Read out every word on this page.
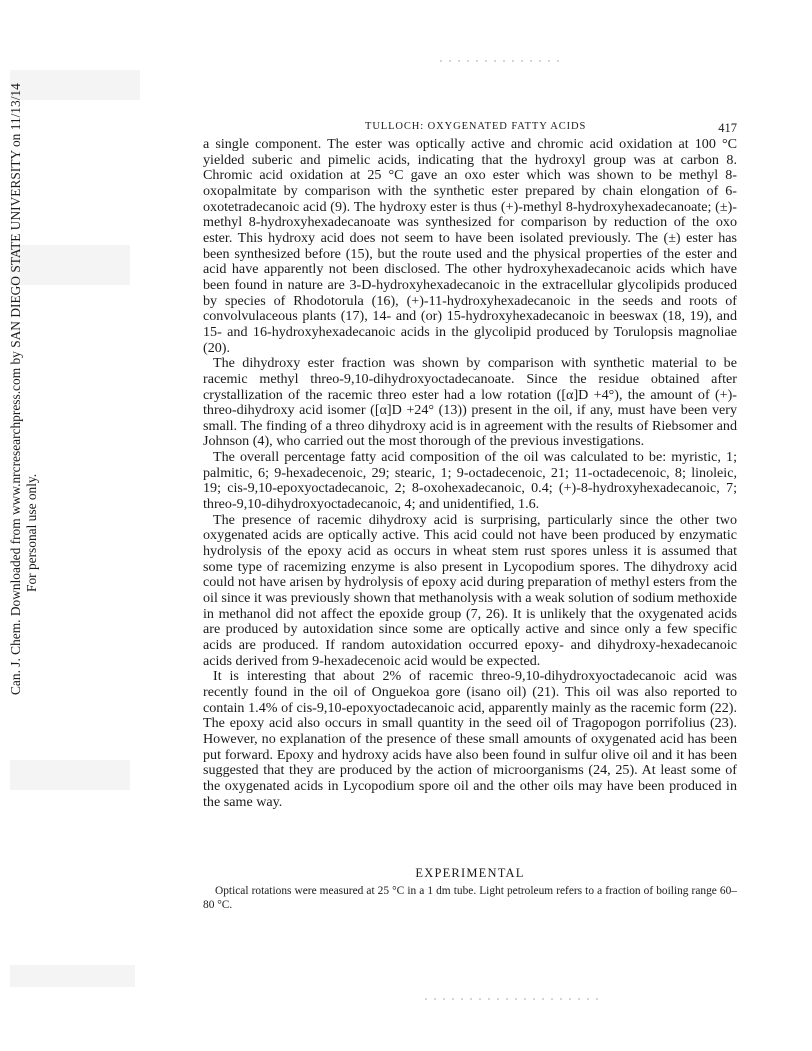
Can. J. Chem. Downloaded from www.nrcresearchpress.com by SAN DIEGO STATE UNIVERSITY on 11/13/14 For personal use only.
TULLOCH: OXYGENATED FATTY ACIDS	417

a single component. The ester was optically active and chromic acid oxidation at 100 °C yielded suberic and pimelic acids, indicating that the hydroxyl group was at carbon 8. Chromic acid oxidation at 25 °C gave an oxo ester which was shown to be methyl 8-oxopalmitate by comparison with the synthetic ester prepared by chain elongation of 6-oxotetradecanoic acid (9). The hydroxy ester is thus (+)-methyl 8-hydroxyhexadecanoate; (±)-methyl 8-hydroxyhexadecanoate was synthesized for comparison by reduction of the oxo ester. This hydroxy acid does not seem to have been isolated previously. The (±) ester has been synthesized before (15), but the route used and the physical properties of the ester and acid have apparently not been disclosed. The other hydroxyhexadecanoic acids which have been found in nature are 3-D-hydroxyhexadecanoic in the extracellular glycolipids produced by species of Rhodotorula (16), (+)-11-hydroxyhexadecanoic in the seeds and roots of convolvulaceous plants (17), 14- and (or) 15-hydroxyhexadecanoic in beeswax (18, 19), and 15- and 16-hydroxyhexadecanoic acids in the glycolipid produced by Torulopsis magnoliae (20).

The dihydroxy ester fraction was shown by comparison with synthetic material to be racemic methyl threo-9,10-dihydroxyoctadecanoate. Since the residue obtained after crystallization of the racemic threo ester had a low rotation ([α]D +4°), the amount of (+)-threo-dihydroxy acid isomer ([α]D +24° (13)) present in the oil, if any, must have been very small. The finding of a threo dihydroxy acid is in agreement with the results of Riebsomer and Johnson (4), who carried out the most thorough of the previous investigations.

The overall percentage fatty acid composition of the oil was calculated to be: myristic, 1; palmitic, 6; 9-hexadecenoic, 29; stearic, 1; 9-octadecenoic, 21; 11-octadecenoic, 8; linoleic, 19; cis-9,10-epoxyoctadecanoic, 2; 8-oxohexadecanoic, 0.4; (+)-8-hydroxyhexadecanoic, 7; threo-9,10-dihydroxyoctadecanoic, 4; and unidentified, 1.6.

The presence of racemic dihydroxy acid is surprising, particularly since the other two oxygenated acids are optically active. This acid could not have been produced by enzymatic hydrolysis of the epoxy acid as occurs in wheat stem rust spores unless it is assumed that some type of racemizing enzyme is also present in Lycopodium spores. The dihydroxy acid could not have arisen by hydrolysis of epoxy acid during preparation of methyl esters from the oil since it was previously shown that methanolysis with a weak solution of sodium methoxide in methanol did not affect the epoxide group (7, 26). It is unlikely that the oxygenated acids are produced by autoxidation since some are optically active and since only a few specific acids are produced. If random autoxidation occurred epoxy- and dihydroxy-hexadecanoic acids derived from 9-hexadecenoic acid would be expected.

It is interesting that about 2% of racemic threo-9,10-dihydroxyoctadecanoic acid was recently found in the oil of Onguekoa gore (isano oil) (21). This oil was also reported to contain 1.4% of cis-9,10-epoxyoctadecanoic acid, apparently mainly as the racemic form (22). The epoxy acid also occurs in small quantity in the seed oil of Tragopogon porrifolius (23). However, no explanation of the presence of these small amounts of oxygenated acid has been put forward. Epoxy and hydroxy acids have also been found in sulfur olive oil and it has been suggested that they are produced by the action of microorganisms (24, 25). At least some of the oxygenated acids in Lycopodium spore oil and the other oils may have been produced in the same way.

EXPERIMENTAL

Optical rotations were measured at 25 °C in a 1 dm tube. Light petroleum refers to a fraction of boiling range 60–80 °C.
